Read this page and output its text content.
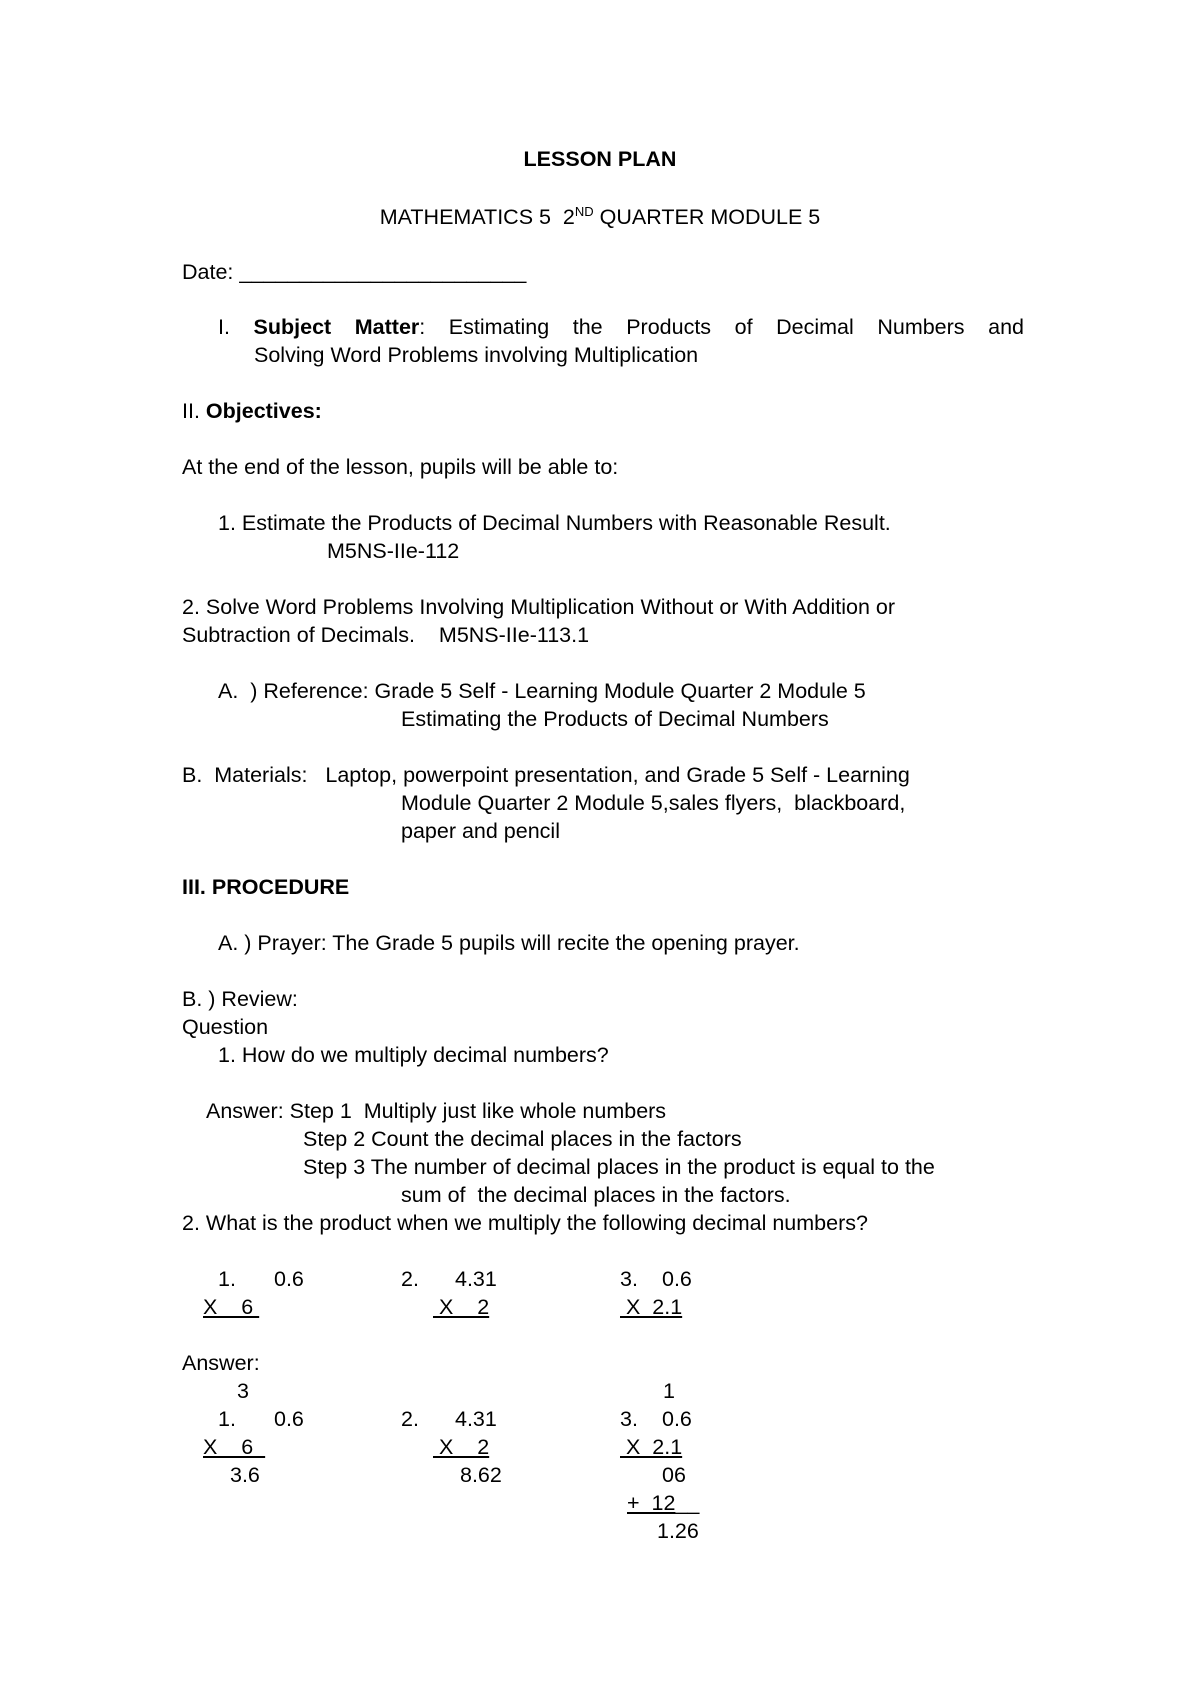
LESSON PLAN
MATHEMATICS 5  2ND QUARTER MODULE 5
Date: ________________________
I. Subject Matter: Estimating the Products of Decimal Numbers and
Solving Word Problems involving Multiplication
II. Objectives:
At the end of the lesson, pupils will be able to:
1. Estimate the Products of Decimal Numbers with Reasonable Result.
M5NS-IIe-112
2. Solve Word Problems Involving Multiplication Without or With Addition or
Subtraction of Decimals.    M5NS-IIe-113.1
A.  ) Reference: Grade 5 Self - Learning Module Quarter 2 Module 5
Estimating the Products of Decimal Numbers
B.  Materials:   Laptop, powerpoint presentation, and Grade 5 Self - Learning
Module Quarter 2 Module 5,sales flyers,  blackboard,
paper and pencil
III. PROCEDURE
A. ) Prayer: The Grade 5 pupils will recite the opening prayer.
B. ) Review:
Question
1. How do we multiply decimal numbers?
Answer: Step 1  Multiply just like whole numbers
Step 2 Count the decimal places in the factors
Step 3 The number of decimal places in the product is equal to the
sum of  the decimal places in the factors.
2. What is the product when we multiply the following decimal numbers?
1. 0.6
X    6
2. 4.31
X    2
3. 0.6
X  2.1
Answer:
3
1. 0.6
X    6
3.6
2. 4.31
X    2
8.62
1
3. 0.6
X  2.1
06
+  12__
1.26
